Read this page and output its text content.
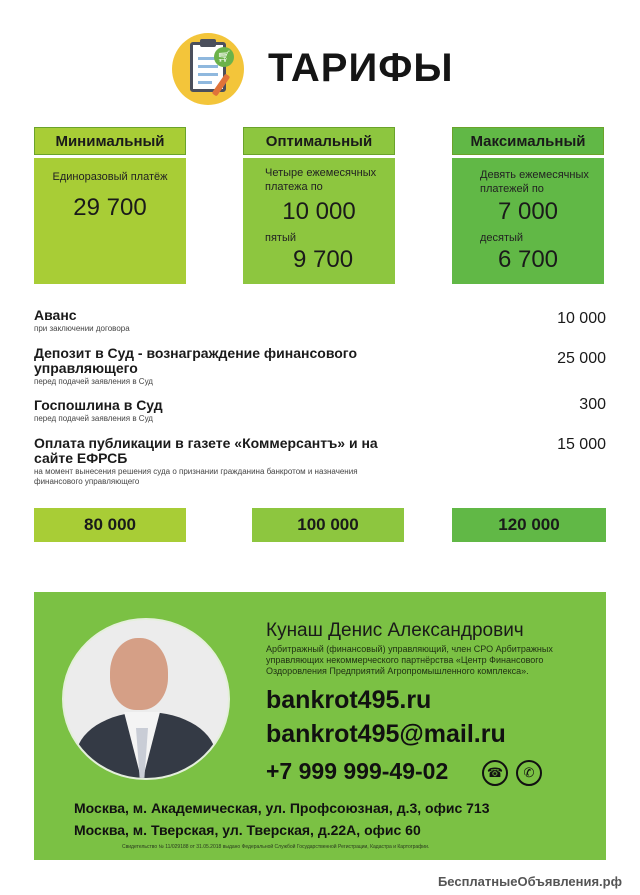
🛒︎ ТАРИФЫ
Минимальный
Единоразовый платёж
29 700
Оптимальный
Четыре ежемесячных платежа по
10 000
пятый
9 700
Максимальный
Девять ежемесячных платежей по
7 000
десятый
6 700
Аванс
при заключении договора
10 000
Депозит в Суд - вознаграждение финансового управляющего
перед подачей заявления в Суд
25 000
Госпошлина в Суд
перед подачей заявления в Суд
300
Оплата публикации в газете «Коммерсантъ» и на сайте ЕФРСБ
на момент вынесения решения суда о признании гражданина банкротом и назначения финансового управляющего
15 000
80 000	100 000	120 000
Кунаш Денис Александрович
Арбитражный (финансовый) управляющий, член СРО Арбитражных управляющих некоммерческого партнёрства «Центр Финансового Оздоровления Предприятий Агропромышленного комплекса».
bankrot495.ru
bankrot495@mail.ru
+7 999 999-49-02	☎	✆
Москва, м. Академическая, ул. Профсоюзная, д.3, офис 713
Москва, м. Тверская, ул. Тверская, д.22А, офис 60
Свидетельство № 11/029188 от 31.05.2018 выдано Федеральной Службой Государственной Регистрации, Кадастра и Картографии.
БесплатныеОбъявления.рф
